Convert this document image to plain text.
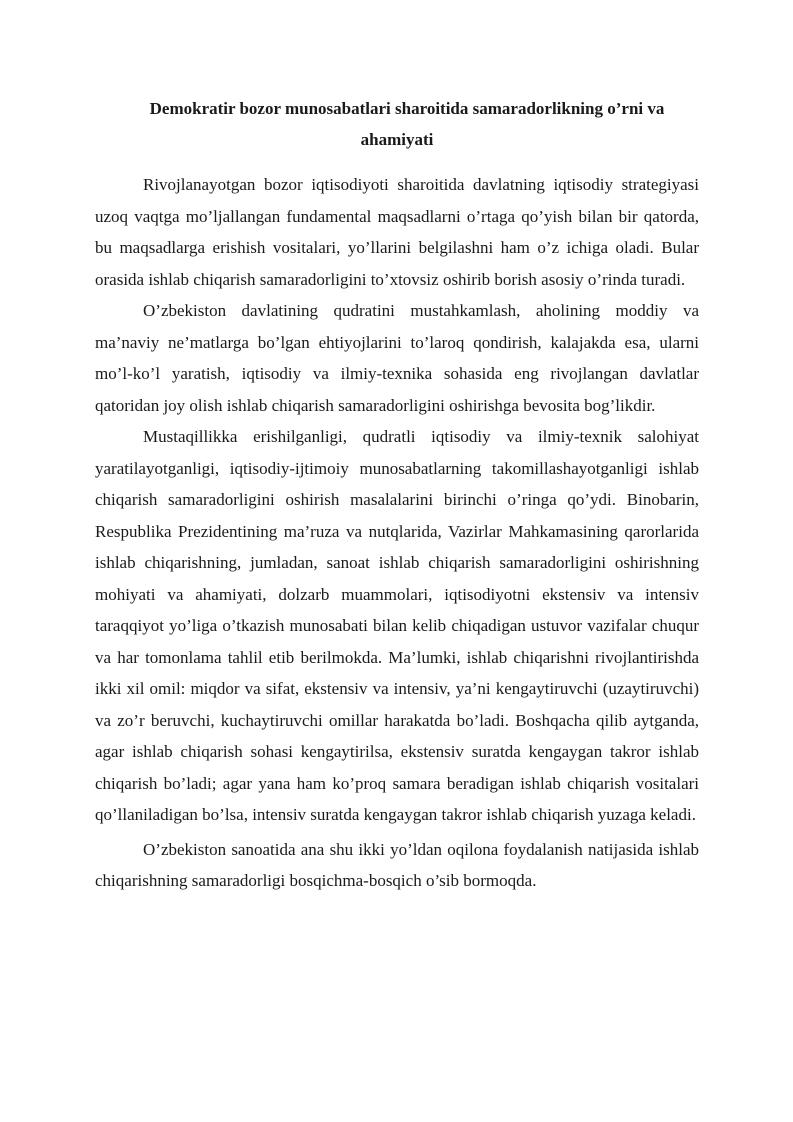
Demokratir bozor munosabatlari sharoitida samaradorlikning o’rni va ahamiyati

Rivojlanayotgan bozor iqtisodiyoti sharoitida davlatning iqtisodiy strategiyasi uzoq vaqtga mo’ljallangan fundamental maqsadlarni o’rtaga qo’yish bilan bir qatorda, bu maqsadlarga erishish vositalari, yo’llarini belgilashni ham o’z ichiga oladi. Bular orasida ishlab chiqarish samaradorligini to’xtovsiz oshirib borish asosiy o’rinda turadi.

O’zbekiston davlatining qudratini mustahkamlash, aholining moddiy va ma’naviy ne’matlarga bo’lgan ehtiyojlarini to’laroq qondirish, kalajakda esa, ularni mo’l-ko’l yaratish, iqtisodiy va ilmiy-texnika sohasida eng rivojlangan davlatlar qatoridan joy olish ishlab chiqarish samaradorligini oshirishga bevosita bog’likdir.

Mustaqillikka erishilganligi, qudratli iqtisodiy va ilmiy-texnik salohiyat yaratilayotganligi, iqtisodiy-ijtimoiy munosabatlarning takomillashayotganligi ishlab chiqarish samaradorligini oshirish masalalarini birinchi o’ringa qo’ydi. Binobarin, Respublika Prezidentining ma’ruza va nutqlarida, Vazirlar Mahkamasining qarorlarida ishlab chiqarishning, jumladan, sanoat ishlab chiqarish samaradorligini oshirishning mohiyati va ahamiyati, dolzarb muammolari, iqtisodiyotni ekstensiv va intensiv taraqqiyot yo’liga o’tkazish munosabati bilan kelib chiqadigan ustuvor vazifalar chuqur va har tomonlama tahlil etib berilmokda. Ma’lumki, ishlab chiqarishni rivojlantirishda ikki xil omil: miqdor va sifat, ekstensiv va intensiv, ya’ni kengaytiruvchi (uzaytiruvchi) va zo’r beruvchi, kuchaytiruvchi omillar harakatda bo’ladi. Boshqacha qilib aytganda, agar ishlab chiqarish sohasi kengaytirilsa, ekstensiv suratda kengaygan takror ishlab chiqarish bo’ladi; agar yana ham ko’proq samara beradigan ishlab chiqarish vositalari qo’llaniladigan bo’lsa, intensiv suratda kengaygan takror ishlab chiqarish yuzaga keladi.

O’zbekiston sanoatida ana shu ikki yo’ldan oqilona foydalanish natijasida ishlab chiqarishning samaradorligi bosqichma-bosqich o’sib bormoqda.
